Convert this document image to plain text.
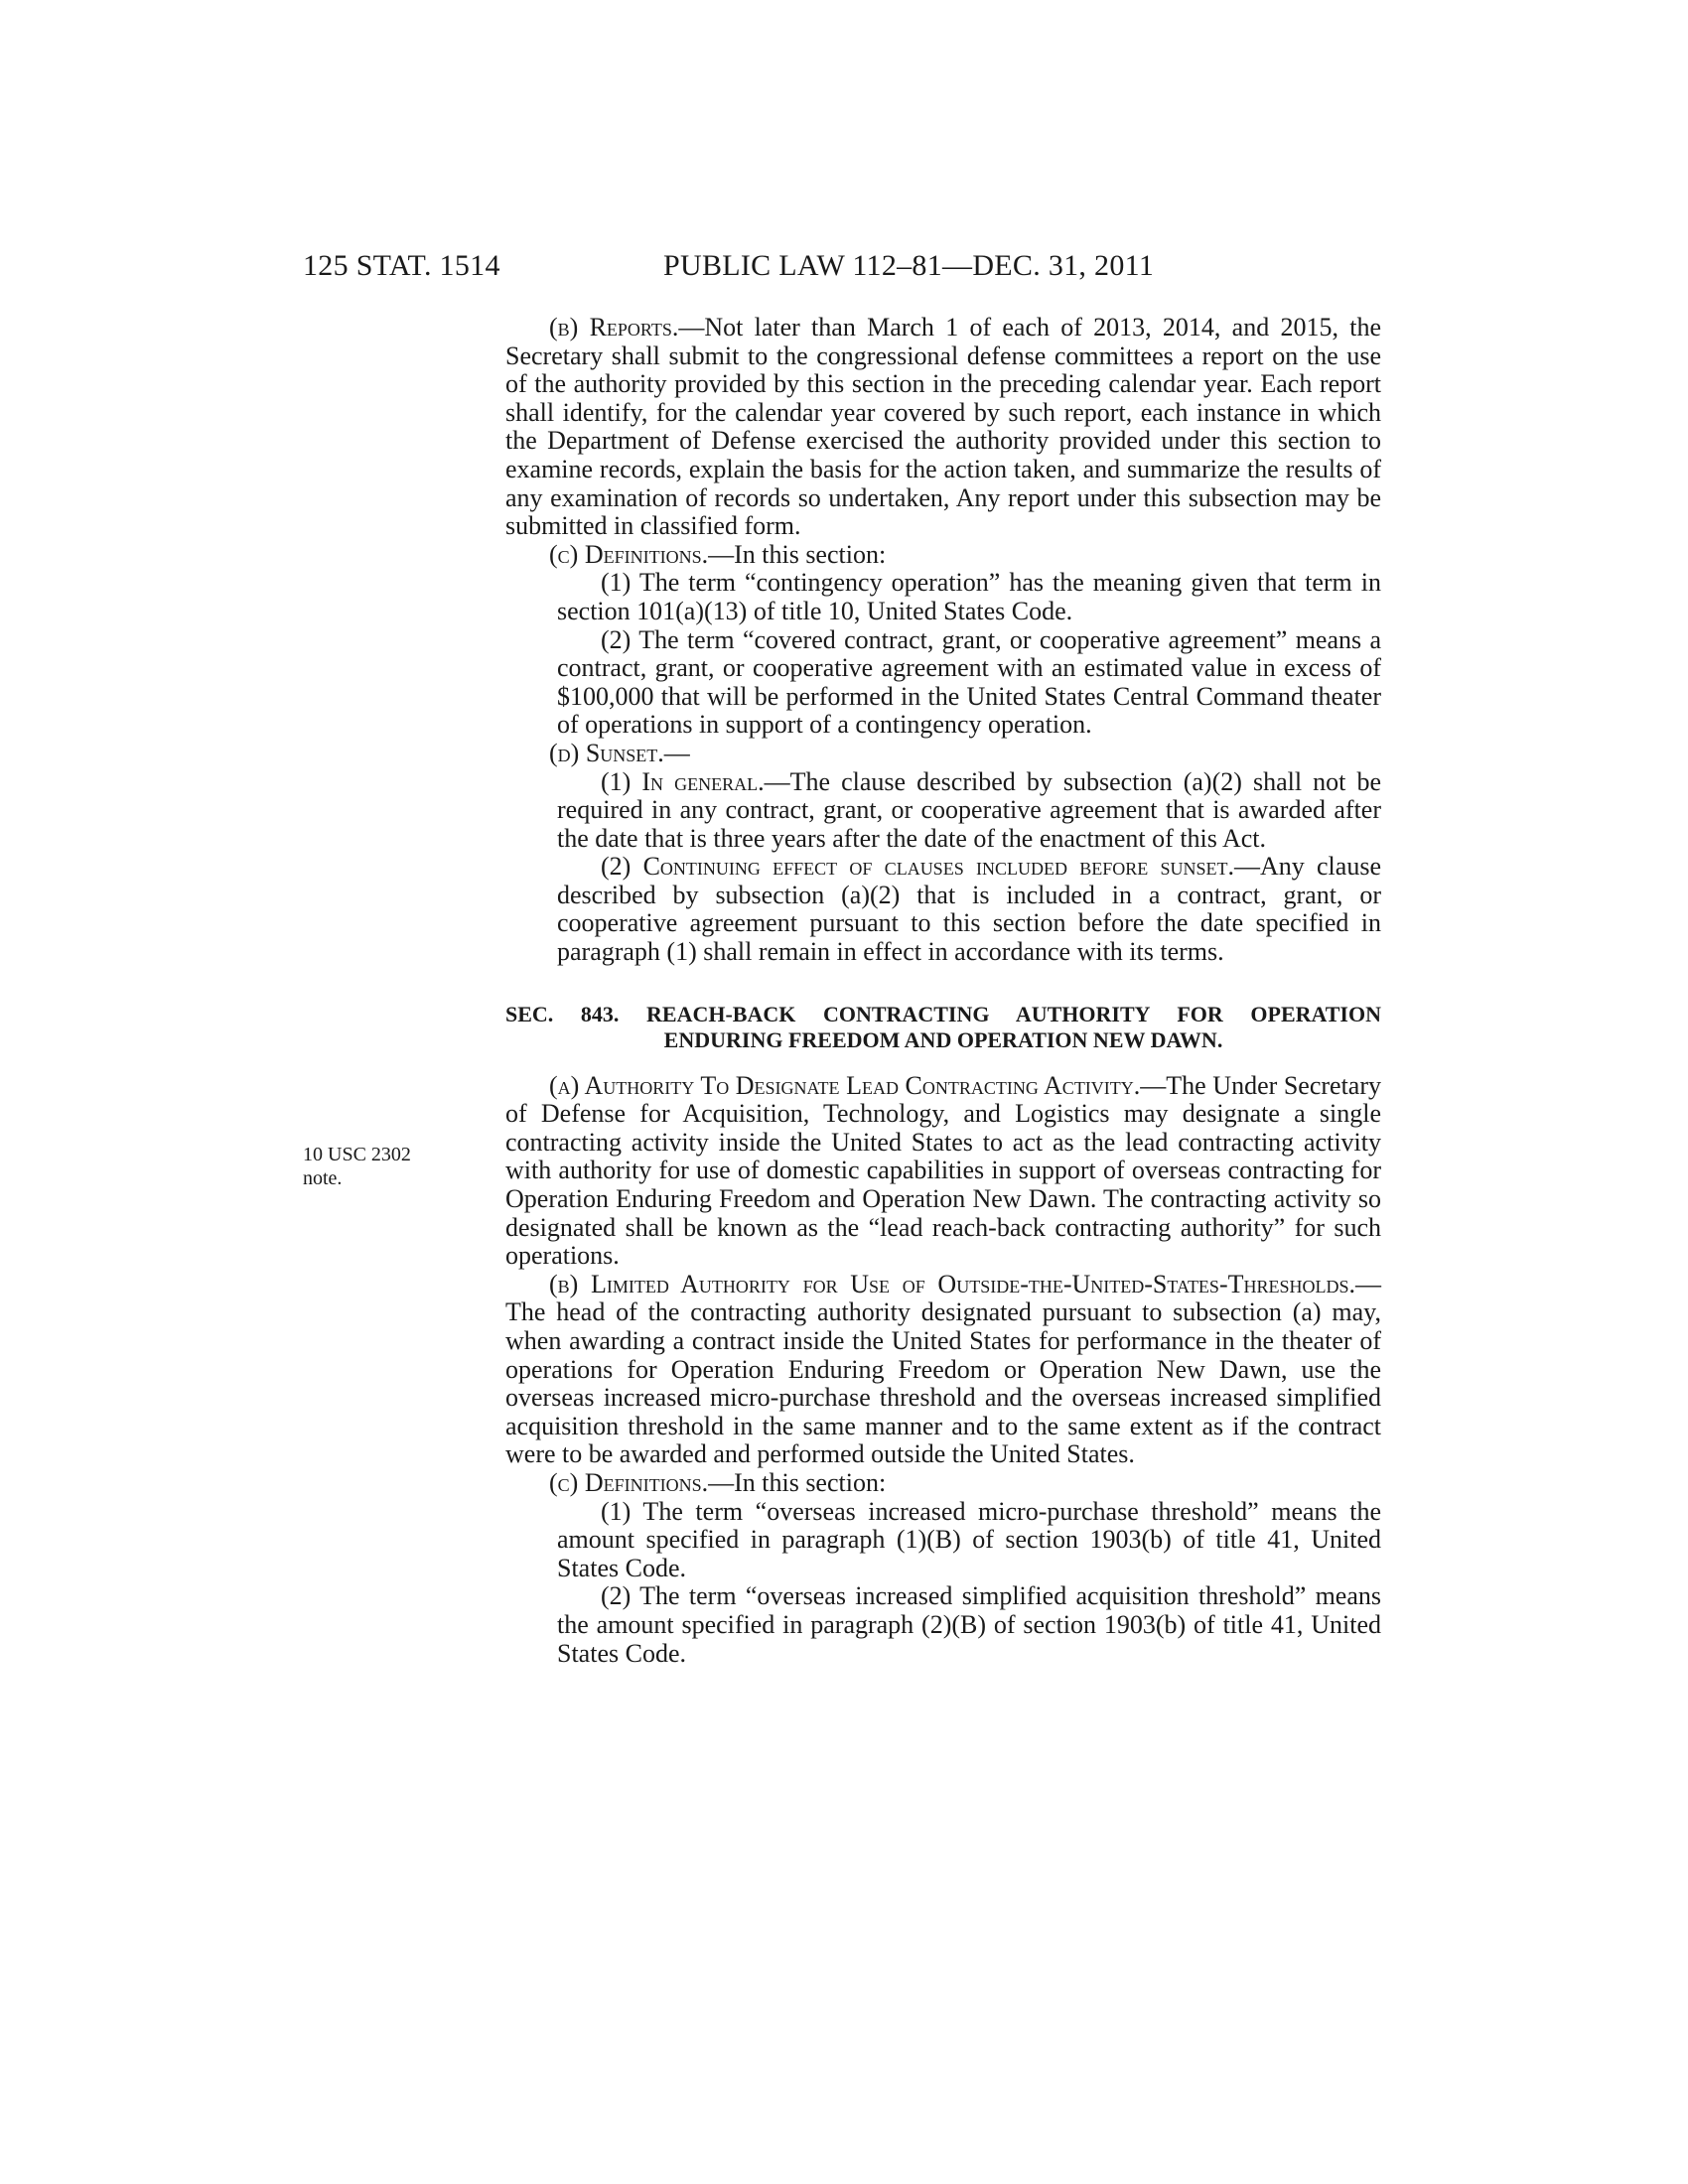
125 STAT. 1514	PUBLIC LAW 112–81—DEC. 31, 2011
10 USC 2302
note.

(b) Reports.—Not later than March 1 of each of 2013, 2014, and 2015, the Secretary shall submit to the congressional defense committees a report on the use of the authority provided by this section in the preceding calendar year. Each report shall identify, for the calendar year covered by such report, each instance in which the Department of Defense exercised the authority provided under this section to examine records, explain the basis for the action taken, and summarize the results of any examination of records so undertaken, Any report under this subsection may be submitted in classified form.

(c) Definitions.—In this section:

(1) The term “contingency operation” has the meaning given that term in section 101(a)(13) of title 10, United States Code.

(2) The term “covered contract, grant, or cooperative agreement” means a contract, grant, or cooperative agreement with an estimated value in excess of $100,000 that will be performed in the United States Central Command theater of operations in support of a contingency operation.

(d) Sunset.—

(1) In general.—The clause described by subsection (a)(2) shall not be required in any contract, grant, or cooperative agreement that is awarded after the date that is three years after the date of the enactment of this Act.

(2) Continuing effect of clauses included before sunset.—Any clause described by subsection (a)(2) that is included in a contract, grant, or cooperative agreement pursuant to this section before the date specified in paragraph (1) shall remain in effect in accordance with its terms.

SEC. 843. REACH-BACK CONTRACTING AUTHORITY FOR OPERATION
ENDURING FREEDOM AND OPERATION NEW DAWN.

(a) Authority To Designate Lead Contracting Activity.—The Under Secretary of Defense for Acquisition, Technology, and Logistics may designate a single contracting activity inside the United States to act as the lead contracting activity with authority for use of domestic capabilities in support of overseas contracting for Operation Enduring Freedom and Operation New Dawn. The contracting activity so designated shall be known as the “lead reach-back contracting authority” for such operations.

(b) Limited Authority for Use of Outside-the-United-States-Thresholds.—The head of the contracting authority designated pursuant to subsection (a) may, when awarding a contract inside the United States for performance in the theater of operations for Operation Enduring Freedom or Operation New Dawn, use the overseas increased micro-purchase threshold and the overseas increased simplified acquisition threshold in the same manner and to the same extent as if the contract were to be awarded and performed outside the United States.

(c) Definitions.—In this section:

(1) The term “overseas increased micro-purchase threshold” means the amount specified in paragraph (1)(B) of section 1903(b) of title 41, United States Code.

(2) The term “overseas increased simplified acquisition threshold” means the amount specified in paragraph (2)(B) of section 1903(b) of title 41, United States Code.
